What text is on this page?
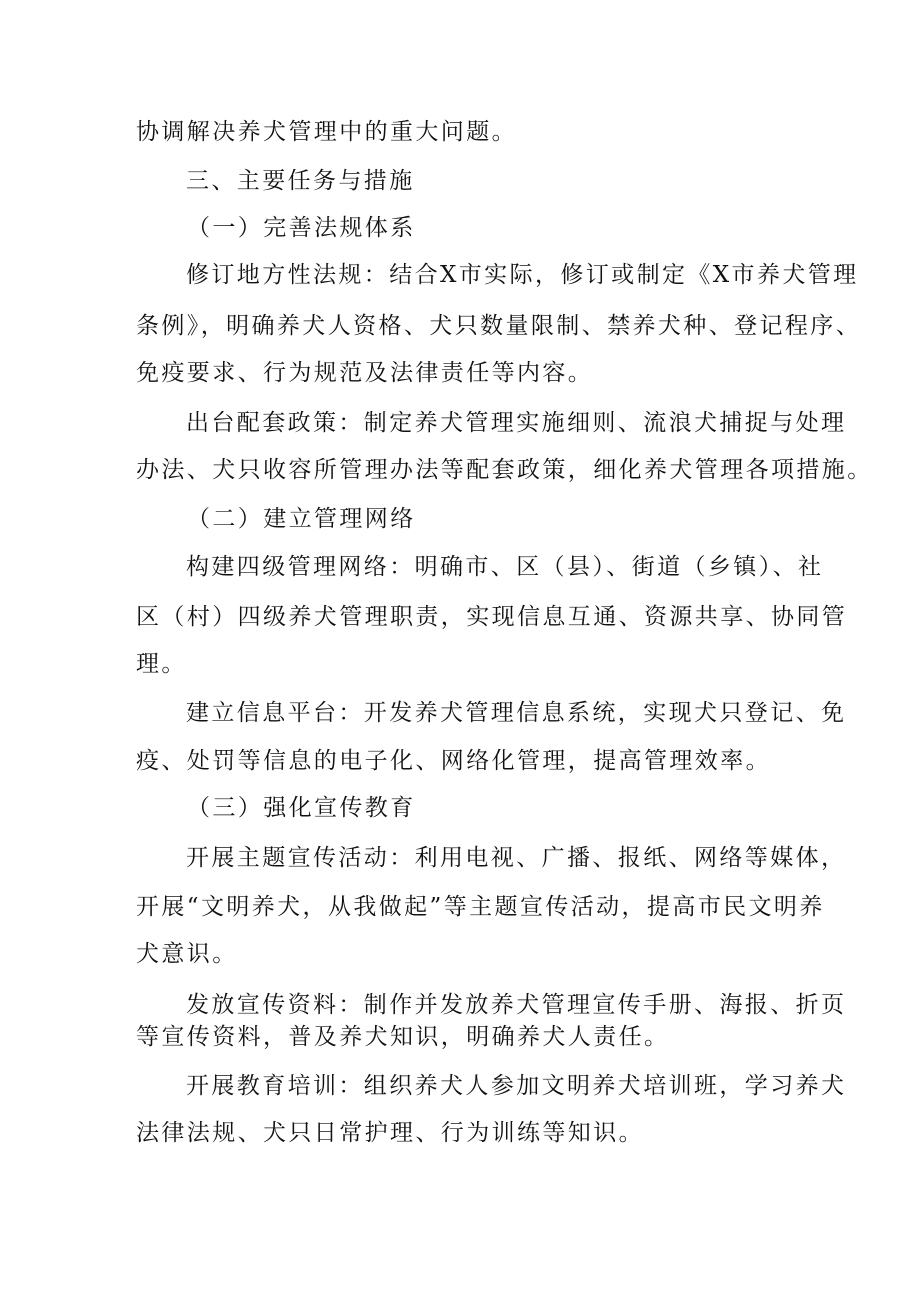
协调解决养犬管理中的重大问题。
三、主要任务与措施
（一）完善法规体系
修订地方性法规：结合X市实际，修订或制定《X市养犬管理
条例》，明确养犬人资格、犬只数量限制、禁养犬种、登记程序、
免疫要求、行为规范及法律责任等内容。
出台配套政策：制定养犬管理实施细则、流浪犬捕捉与处理
办法、犬只收容所管理办法等配套政策，细化养犬管理各项措施。
（二）建立管理网络
构建四级管理网络：明确市、区（县）、街道（乡镇）、社
区（村）四级养犬管理职责，实现信息互通、资源共享、协同管
理。
建立信息平台：开发养犬管理信息系统，实现犬只登记、免
疫、处罚等信息的电子化、网络化管理，提高管理效率。
（三）强化宣传教育
开展主题宣传活动：利用电视、广播、报纸、网络等媒体，
开展“文明养犬，从我做起”等主题宣传活动，提高市民文明养
犬意识。
发放宣传资料：制作并发放养犬管理宣传手册、海报、折页
等宣传资料，普及养犬知识，明确养犬人责任。
开展教育培训：组织养犬人参加文明养犬培训班，学习养犬
法律法规、犬只日常护理、行为训练等知识。
